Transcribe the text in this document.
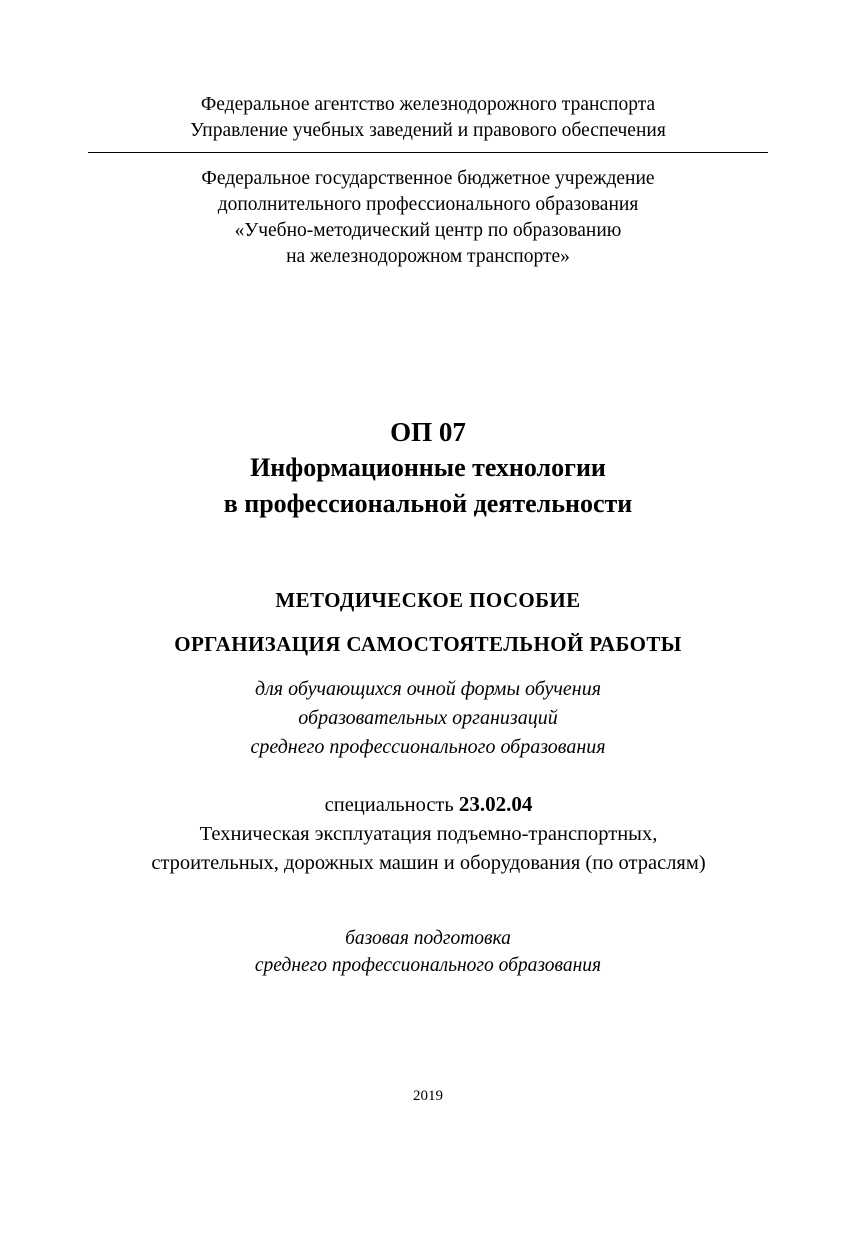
Федеральное агентство железнодорожного транспорта
Управление учебных заведений и правового обеспечения
Федеральное государственное бюджетное учреждение
дополнительного профессионального образования
«Учебно-методический центр по образованию
на железнодорожном транспорте»
ОП 07
Информационные технологии
в профессиональной деятельности
МЕТОДИЧЕСКОЕ ПОСОБИЕ
ОРГАНИЗАЦИЯ САМОСТОЯТЕЛЬНОЙ РАБОТЫ
для обучающихся очной формы обучения
образовательных организаций
среднего профессионального образования
специальность 23.02.04
Техническая эксплуатация подъемно-транспортных,
строительных, дорожных машин и оборудования (по отраслям)
базовая подготовка
среднего профессионального образования
2019
